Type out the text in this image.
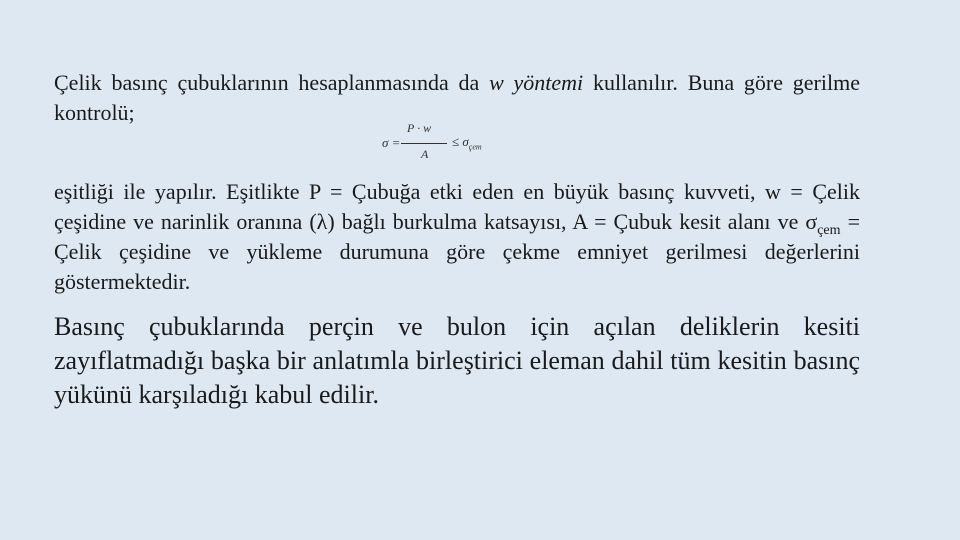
Çelik basınç çubuklarının hesaplanmasında da w yöntemi kullanılır. Buna göre gerilme kontrolü;

σ =
P · w
A
≤ $\sigma_{çem}$

eşitliği ile yapılır. Eşitlikte P = Çubuğa etki eden en büyük basınç kuvveti, w = Çelik çeşidine ve narinlik oranına (λ) bağlı burkulma katsayısı, A = Çubuk kesit alanı ve $\sigma_{çem}$ = Çelik çeşidine ve yükleme durumuna göre çekme emniyet gerilmesi değerlerini göstermektedir.

Basınç çubuklarında perçin ve bulon için açılan deliklerin kesiti zayıflatmadığı başka bir anlatımla birleştirici eleman dahil tüm kesitin basınç yükünü karşıladığı kabul edilir.
